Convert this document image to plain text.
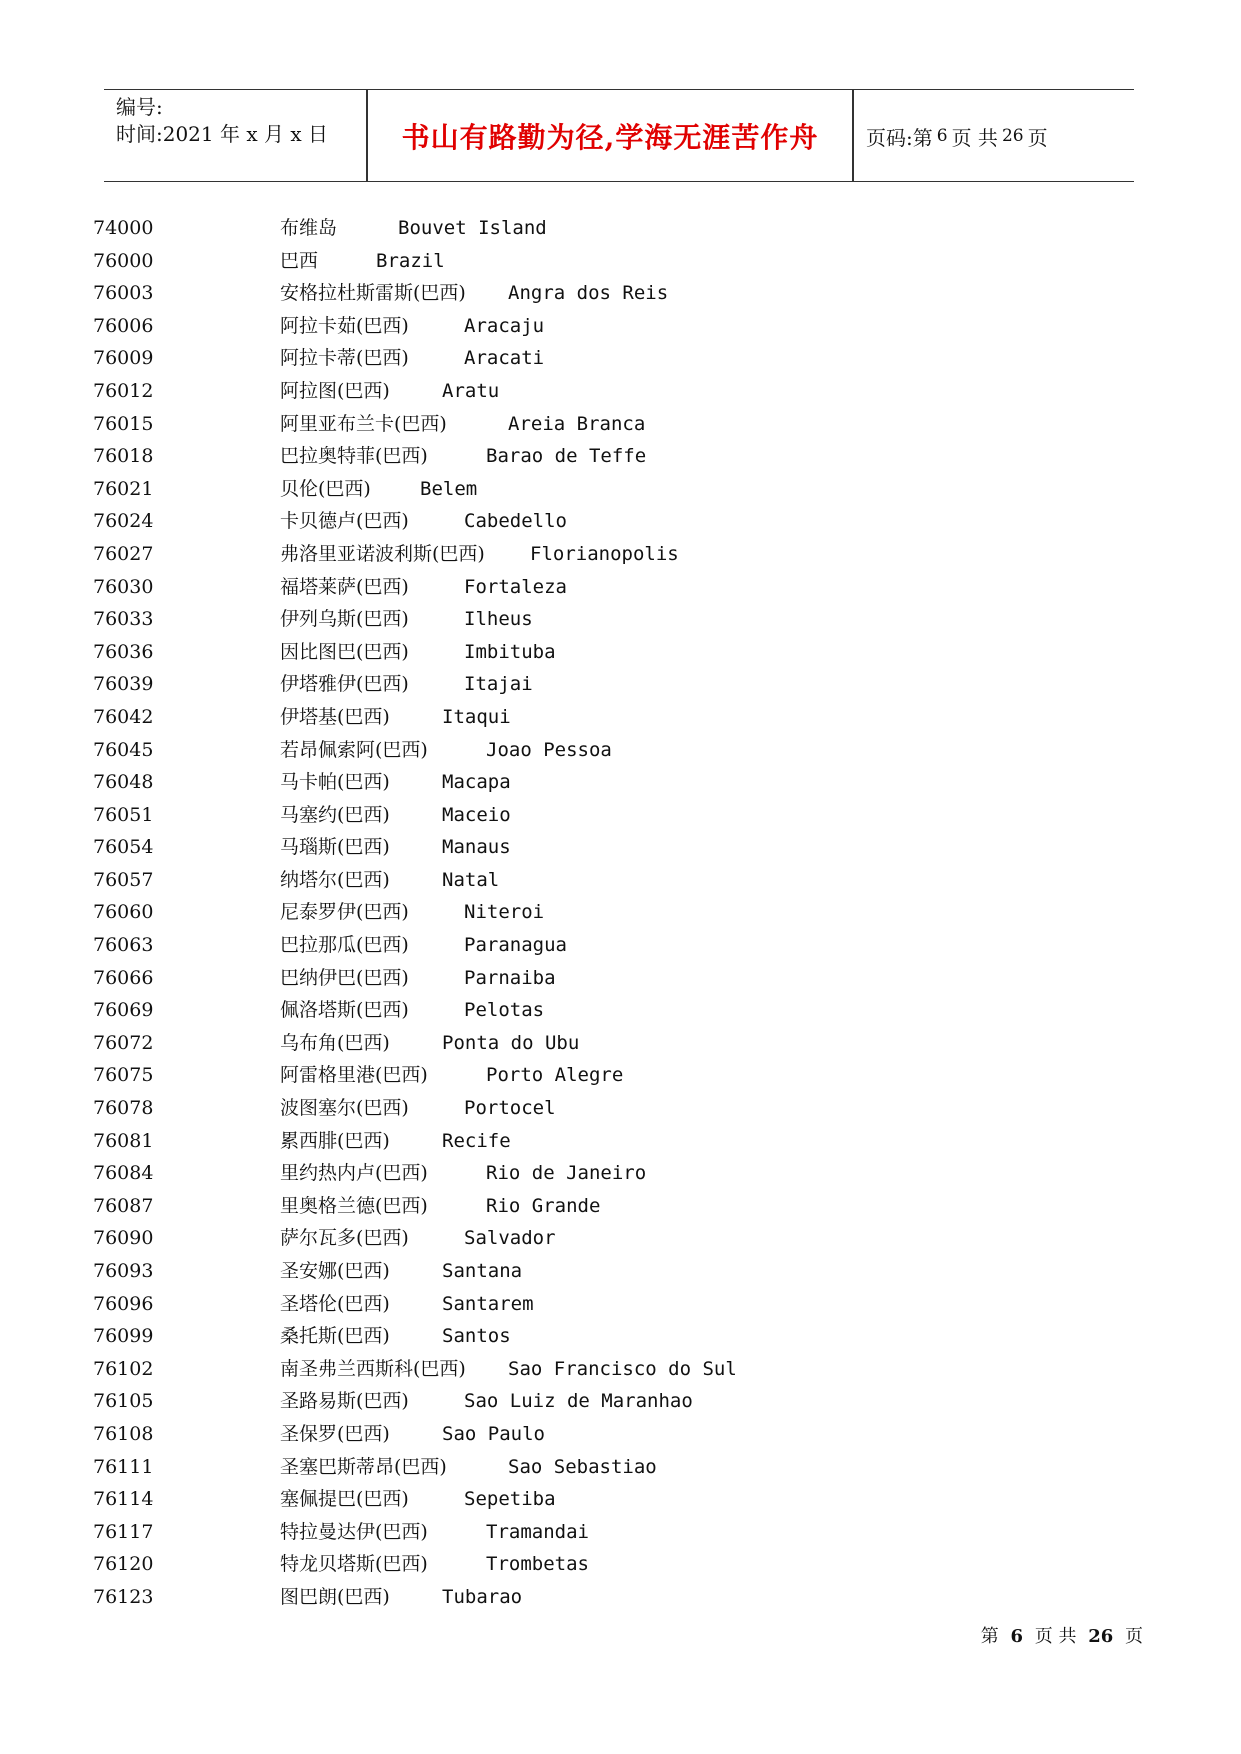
编号:
时间:2021 年 x 月 x 日	书山有路勤为径,学海无涯苦作舟	页码:第 6 页 共 26 页
74000	布维岛	Bouvet Island
76000	巴西	Brazil
76003	安格拉杜斯雷斯(巴西) Angra dos Reis
76006	阿拉卡茹(巴西)	Aracaju
76009	阿拉卡蒂(巴西)	Aracati
76012	阿拉图(巴西)	Aratu
76015	阿里亚布兰卡(巴西)	Areia Branca
76018	巴拉奥特菲(巴西)	Barao de Teffe
76021	贝伦(巴西)	Belem
76024	卡贝德卢(巴西)	Cabedello
76027	弗洛里亚诺波利斯(巴西) Florianopolis
76030	福塔莱萨(巴西)	Fortaleza
76033	伊列乌斯(巴西)	Ilheus
76036	因比图巴(巴西)	Imbituba
76039	伊塔雅伊(巴西)	Itajai
76042	伊塔基(巴西)	Itaqui
76045	若昂佩索阿(巴西)	Joao Pessoa
76048	马卡帕(巴西)	Macapa
76051	马塞约(巴西)	Maceio
76054	马瑙斯(巴西)	Manaus
76057	纳塔尔(巴西)	Natal
76060	尼泰罗伊(巴西)	Niteroi
76063	巴拉那瓜(巴西)	Paranagua
76066	巴纳伊巴(巴西)	Parnaiba
76069	佩洛塔斯(巴西)	Pelotas
76072	乌布角(巴西)	Ponta do Ubu
76075	阿雷格里港(巴西)	Porto Alegre
76078	波图塞尔(巴西)	Portocel
76081	累西腓(巴西)	Recife
76084	里约热内卢(巴西)	Rio de Janeiro
76087	里奥格兰德(巴西)	Rio Grande
76090	萨尔瓦多(巴西)	Salvador
76093	圣安娜(巴西)	Santana
76096	圣塔伦(巴西)	Santarem
76099	桑托斯(巴西)	Santos
76102	南圣弗兰西斯科(巴西) Sao Francisco do Sul
76105	圣路易斯(巴西)	Sao Luiz de Maranhao
76108	圣保罗(巴西)	Sao Paulo
76111	圣塞巴斯蒂昂(巴西)	Sao Sebastiao
76114	塞佩提巴(巴西)	Sepetiba
76117	特拉曼达伊(巴西)	Tramandai
76120	特龙贝塔斯(巴西)	Trombetas
76123	图巴朗(巴西)	Tubarao
第 6 页 共 26 页
